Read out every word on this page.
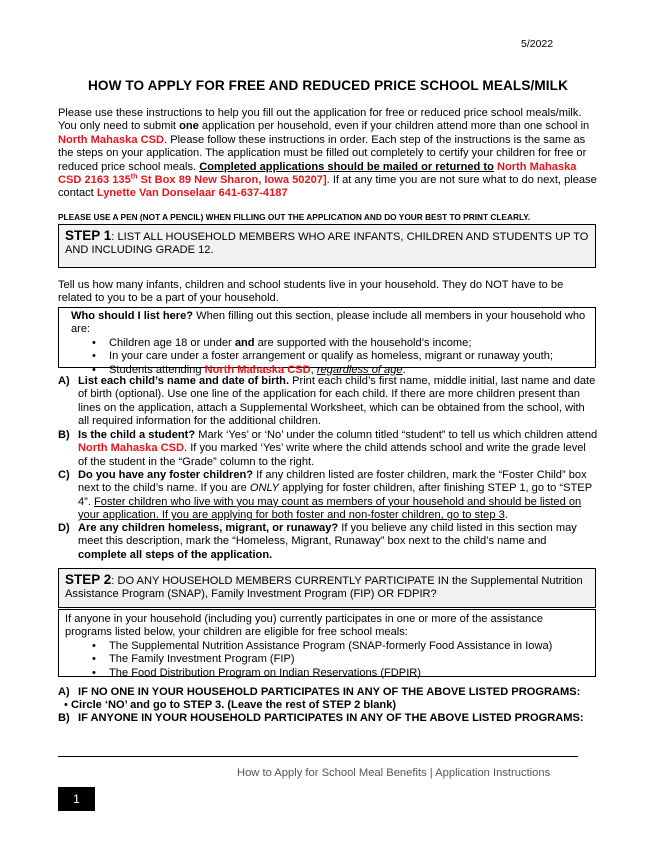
5/2022
HOW TO APPLY FOR FREE AND REDUCED PRICE SCHOOL MEALS/MILK
Please use these instructions to help you fill out the application for free or reduced price school meals/milk. You only need to submit one application per household, even if your children attend more than one school in North Mahaska CSD. Please follow these instructions in order. Each step of the instructions is the same as the steps on your application. The application must be filled out completely to certify your children for free or reduced price school meals. Completed applications should be mailed or returned to North Mahaska CSD 2163 135th St Box 89 New Sharon, Iowa 50207]. If at any time you are not sure what to do next, please contact Lynette Van Donselaar 641-637-4187
PLEASE USE A PEN (NOT A PENCIL) WHEN FILLING OUT THE APPLICATION AND DO YOUR BEST TO PRINT CLEARLY.
STEP 1: LIST ALL HOUSEHOLD MEMBERS WHO ARE INFANTS, CHILDREN AND STUDENTS UP TO AND INCLUDING GRADE 12.
Tell us how many infants, children and school students live in your household. They do NOT have to be related to you to be a part of your household.
Who should I list here? When filling out this section, please include all members in your household who are:
• Children age 18 or under and are supported with the household’s income;
• In your care under a foster arrangement or qualify as homeless, migrant or runaway youth;
• Students attending North Mahaska CSD, regardless of age.
A) List each child’s name and date of birth. Print each child’s first name, middle initial, last name and date of birth (optional). Use one line of the application for each child. If there are more children present than lines on the application, attach a Supplemental Worksheet, which can be obtained from the school, with all required information for the additional children.
B) Is the child a student? Mark ‘Yes’ or ‘No’ under the column titled “student” to tell us which children attend North Mahaska CSD. If you marked ‘Yes’ write where the child attends school and write the grade level of the student in the “Grade” column to the right.
C) Do you have any foster children? If any children listed are foster children, mark the “Foster Child” box next to the child’s name. If you are ONLY applying for foster children, after finishing STEP 1, go to “STEP 4”. Foster children who live with you may count as members of your household and should be listed on your application. If you are applying for both foster and non-foster children, go to step 3.
D) Are any children homeless, migrant, or runaway? If you believe any child listed in this section may meet this description, mark the “Homeless, Migrant, Runaway” box next to the child’s name and complete all steps of the application.
STEP 2: DO ANY HOUSEHOLD MEMBERS CURRENTLY PARTICIPATE IN the Supplemental Nutrition Assistance Program (SNAP), Family Investment Program (FIP) OR FDPIR?
If anyone in your household (including you) currently participates in one or more of the assistance programs listed below, your children are eligible for free school meals:
• The Supplemental Nutrition Assistance Program (SNAP-formerly Food Assistance in Iowa)
• The Family Investment Program (FIP)
• The Food Distribution Program on Indian Reservations (FDPIR)
A) IF NO ONE IN YOUR HOUSEHOLD PARTICIPATES IN ANY OF THE ABOVE LISTED PROGRAMS:
• Circle ‘NO’ and go to STEP 3. (Leave the rest of STEP 2 blank)
B) IF ANYONE IN YOUR HOUSEHOLD PARTICIPATES IN ANY OF THE ABOVE LISTED PROGRAMS:
How to Apply for School Meal Benefits | Application Instructions
1
